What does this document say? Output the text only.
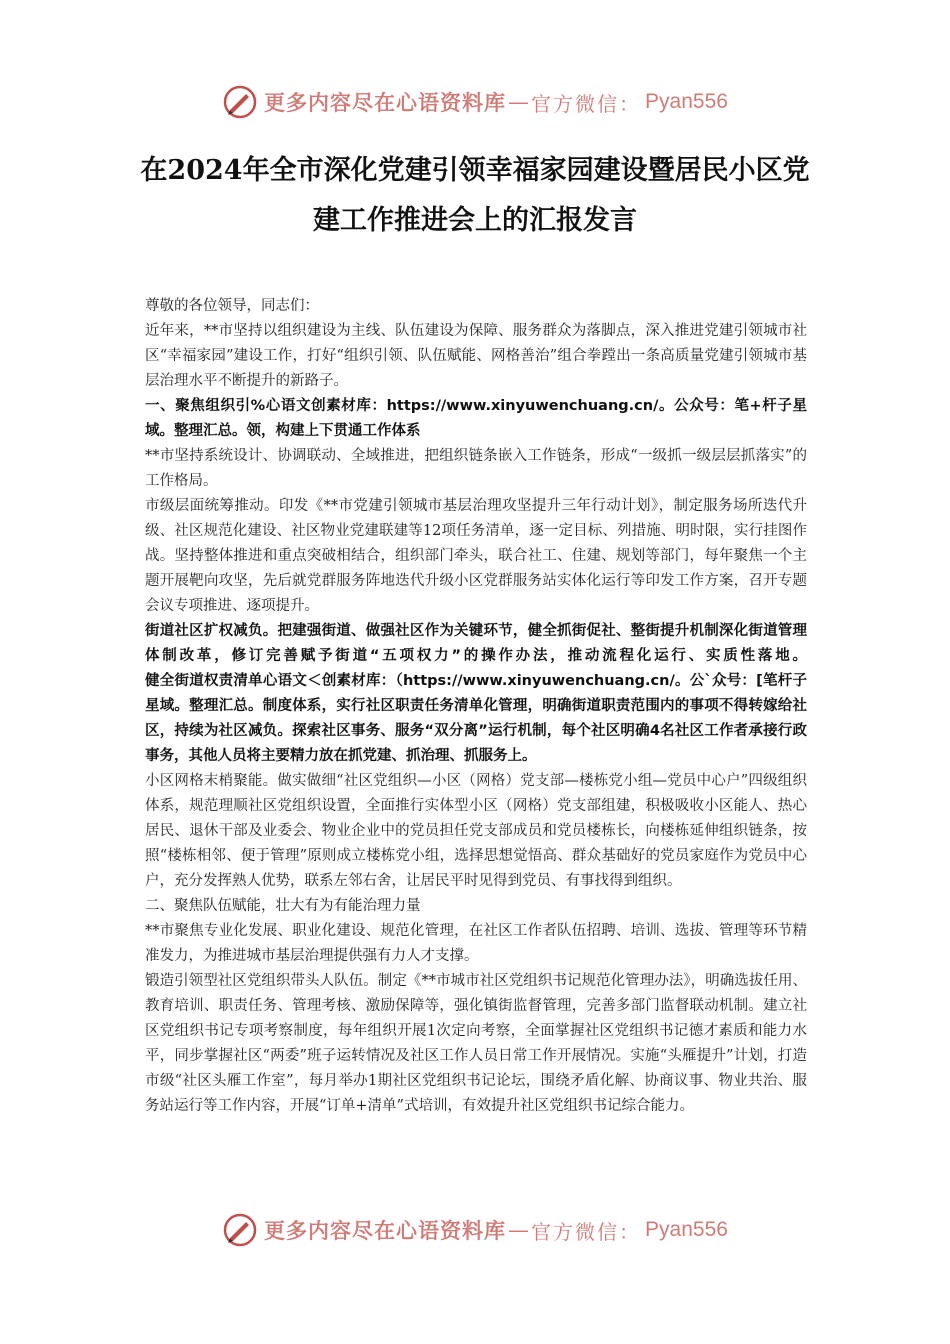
更多内容尽在心语资料库 — 官方微信： Pyan556
在2024年全市深化党建引领幸福家园建设暨居民小区党建工作推进会上的汇报发言

尊敬的各位领导，同志们：

近年来，**市坚持以组织建设为主线、队伍建设为保障、服务群众为落脚点，深入推进党建引领城市社区“幸福家园”建设工作，打好“组织引领、队伍赋能、网格善治”组合拳蹚出一条高质量党建引领城市基层治理水平不断提升的新路子。

一、聚焦组织引%心语文创素材库：https://www.xinyuwenchuang.cn/。公众号：笔+杆子星域。整理汇总。领，构建上下贯通工作体系

**市坚持系统设计、协调联动、全域推进，把组织链条嵌入工作链条，形成“一级抓一级层层抓落实”的工作格局。

市级层面统筹推动。印发《**市党建引领城市基层治理攻坚提升三年行动计划》，制定服务场所迭代升级、社区规范化建设、社区物业党建联建等12项任务清单，逐一定目标、列措施、明时限，实行挂图作战。坚持整体推进和重点突破相结合，组织部门牵头，联合社工、住建、规划等部门，每年聚焦一个主题开展靶向攻坚，先后就党群服务阵地迭代升级小区党群服务站实体化运行等印发工作方案，召开专题会议专项推进、逐项提升。

街道社区扩权减负。把建强街道、做强社区作为关键环节，健全抓街促社、整街提升机制深化街道管理体制改革，修订完善赋予街道“五项权力”的操作办法，推动流程化运行、实质性落地。

健全街道权责清单心语文＜创素材库：（https://www.xinyuwenchuang.cn/。公`众号：[笔杆子星域。整理汇总。制度体系，实行社区职责任务清单化管理，明确街道职责范围内的事项不得转嫁给社区，持续为社区减负。探索社区事务、服务“双分离”运行机制，每个社区明确4名社区工作者承接行政事务，其他人员将主要精力放在抓党建、抓治理、抓服务上。

小区网格末梢聚能。做实做细“社区党组织—小区（网格）党支部—楼栋党小组—党员中心户”四级组织体系，规范理顺社区党组织设置，全面推行实体型小区（网格）党支部组建，积极吸收小区能人、热心居民、退休干部及业委会、物业企业中的党员担任党支部成员和党员楼栋长，向楼栋延伸组织链条，按照“楼栋相邻、便于管理”原则成立楼栋党小组，选择思想觉悟高、群众基础好的党员家庭作为党员中心户，充分发挥熟人优势，联系左邻右舍，让居民平时见得到党员、有事找得到组织。

二、聚焦队伍赋能，壮大有为有能治理力量

**市聚焦专业化发展、职业化建设、规范化管理，在社区工作者队伍招聘、培训、选拔、管理等环节精准发力，为推进城市基层治理提供强有力人才支撑。

锻造引领型社区党组织带头人队伍。制定《**市城市社区党组织书记规范化管理办法》，明确选拔任用、教育培训、职责任务、管理考核、激励保障等，强化镇街监督管理，完善多部门监督联动机制。建立社区党组织书记专项考察制度，每年组织开展1次定向考察，全面掌握社区党组织书记德才素质和能力水平，同步掌握社区“两委”班子运转情况及社区工作人员日常工作开展情况。实施“头雁提升”计划，打造市级“社区头雁工作室”，每月举办1期社区党组织书记论坛，围绕矛盾化解、协商议事、物业共治、服务站运行等工作内容，开展“订单+清单”式培训，有效提升社区党组织书记综合能力。

更多内容尽在心语资料库 — 官方微信： Pyan556
